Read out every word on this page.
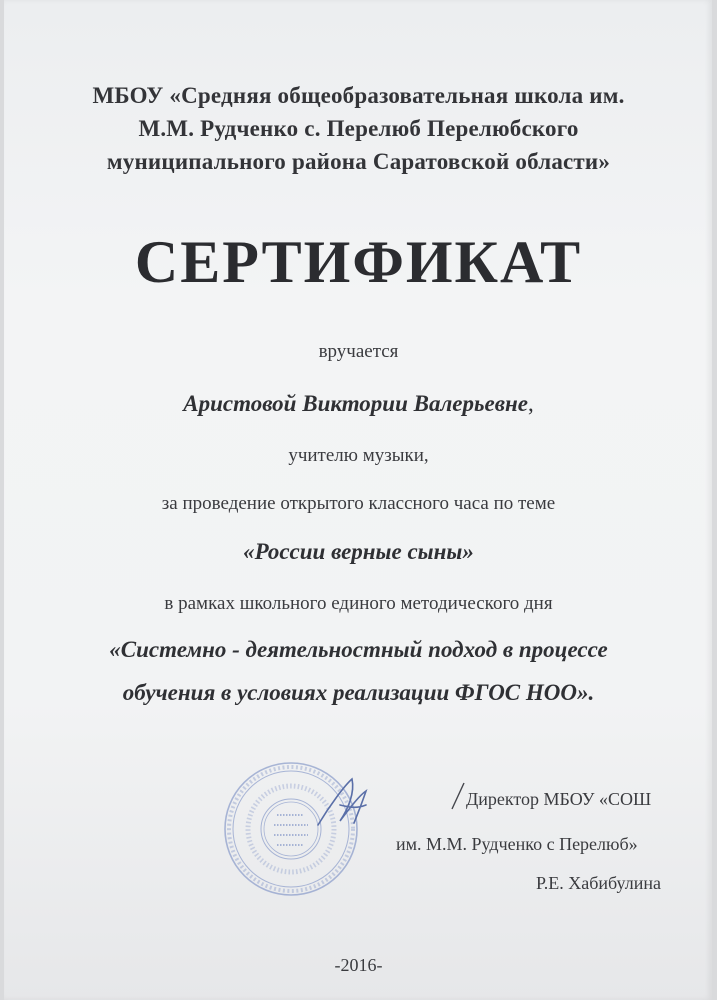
МБОУ «Средняя общеобразовательная школа им.
М.М. Рудченко с. Перелюб Перелюбского
муниципального района Саратовской области»
СЕРТИФИКАТ
вручается
Аристовой Виктории Валерьевне,
учителю музыки,
за проведение открытого классного часа по теме
«России верные сыны»
в рамках школьного единого методического дня
«Системно - деятельностный подход в процессе
обучения в условиях реализации ФГОС НОО».
Директор МБОУ «СОШ
им. М.М. Рудченко с Перелюб»
Р.Е. Хабибулина
-2016-
